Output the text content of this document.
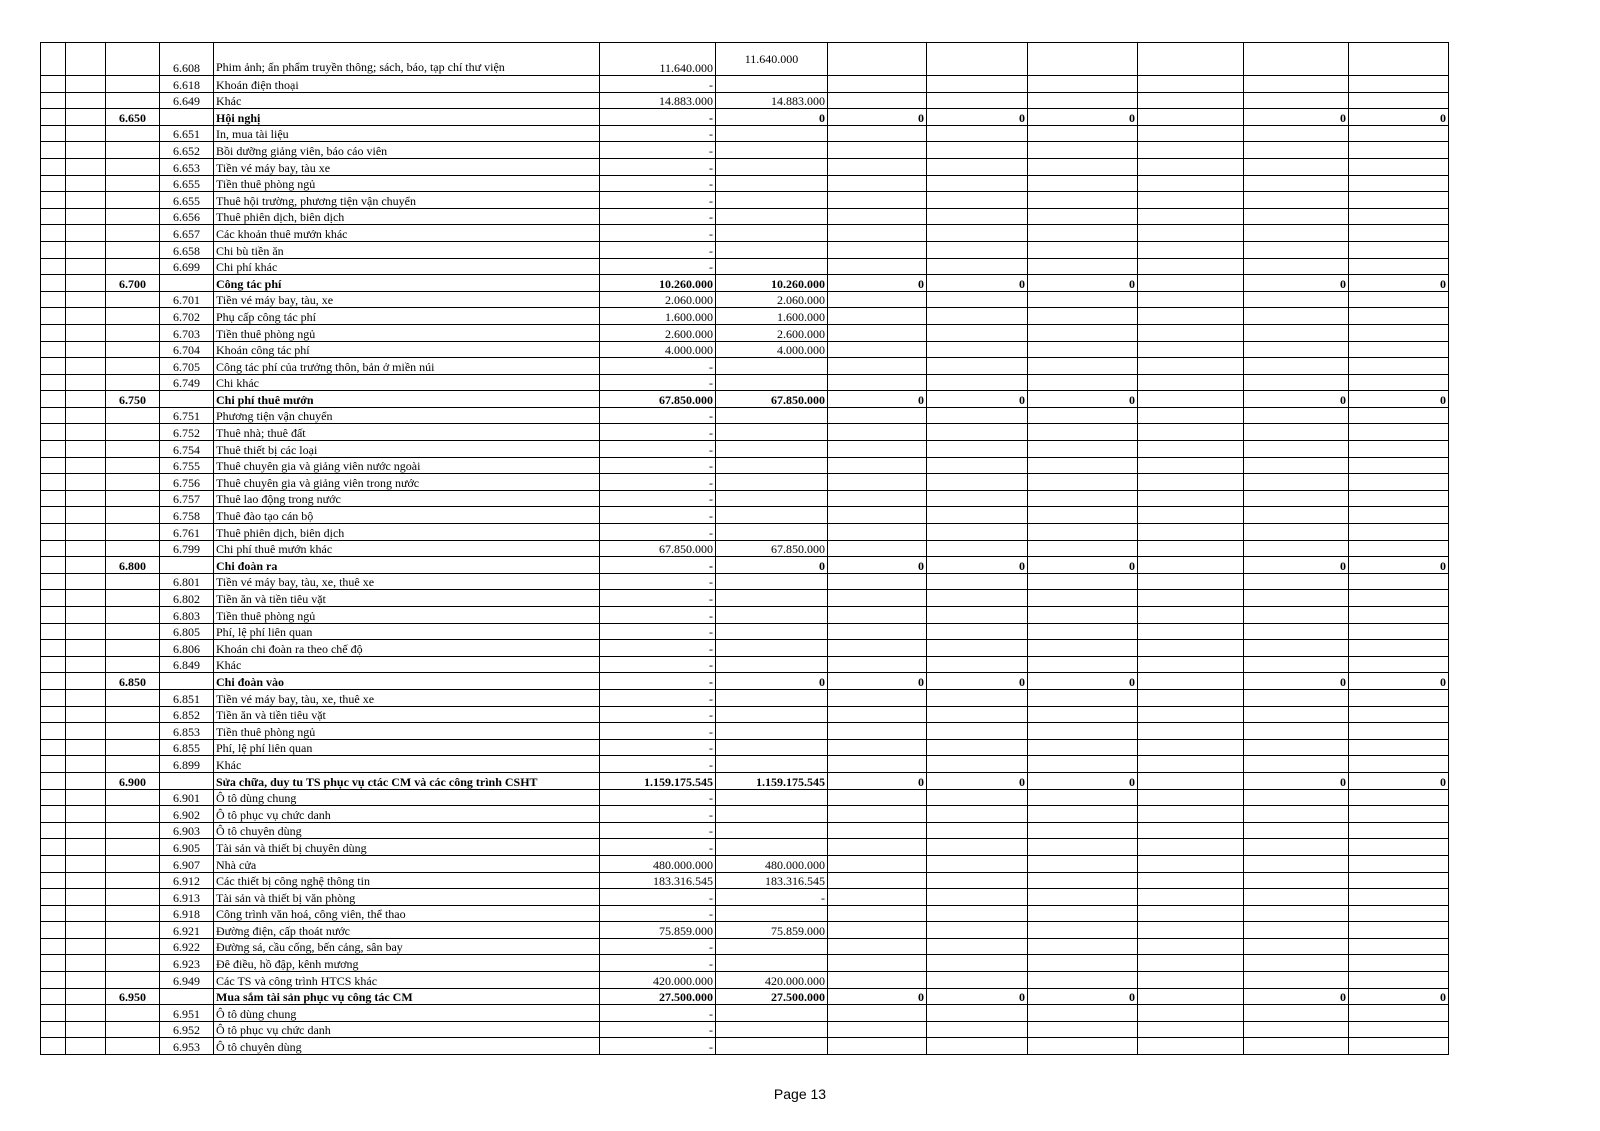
			6.608	Phim ảnh; ấn phẩm truyền thông; sách, báo, tạp chí thư viện	11.640.000	11.640.000						
			6.618	Khoán điện thoại	-							
			6.649	Khác	14.883.000	14.883.000						
		6.650		Hội nghị	-	0	0	0	0		0	0
			6.651	In, mua tài liệu	-							
			6.652	Bồi dưỡng giảng viên, báo cáo viên	-							
			6.653	Tiền vé máy bay, tàu xe	-							
			6.655	Tiền thuê phòng ngủ	-							
			6.655	Thuê hội trường, phương tiện vận chuyển	-							
			6.656	Thuê phiên dịch, biên dịch	-							
			6.657	Các khoản thuê mướn khác	-							
			6.658	Chi bù tiền ăn	-							
			6.699	Chi phí khác	-							
		6.700		Công tác phí	10.260.000	10.260.000	0	0	0		0	0
			6.701	Tiền vé máy bay, tàu, xe	2.060.000	2.060.000						
			6.702	Phụ cấp công tác phí	1.600.000	1.600.000						
			6.703	Tiền thuê phòng ngủ	2.600.000	2.600.000						
			6.704	Khoán công tác phí	4.000.000	4.000.000						
			6.705	Công tác phí của trưởng thôn, bản ở miền núi	-							
			6.749	Chi khác	-							
		6.750		Chi phí thuê mướn	67.850.000	67.850.000	0	0	0		0	0
			6.751	Phương tiện vận chuyển	-							
			6.752	Thuê nhà; thuê đất	-							
			6.754	Thuê thiết bị các loại	-							
			6.755	Thuê chuyên gia và giảng viên nước ngoài	-							
			6.756	Thuê chuyên gia và giảng viên trong nước	-							
			6.757	Thuê lao động trong nước	-							
			6.758	Thuê đào tạo cán bộ	-							
			6.761	Thuê phiên dịch, biên dịch	-							
			6.799	Chi phí thuê mướn khác	67.850.000	67.850.000						
		6.800		Chi đoàn ra	-	0	0	0	0		0	0
			6.801	Tiền vé máy bay, tàu, xe, thuê xe	-							
			6.802	Tiền ăn và tiền tiêu vặt	-							
			6.803	Tiền thuê phòng ngủ	-							
			6.805	Phí, lệ phí liên quan	-							
			6.806	Khoán chi đoàn ra theo chế độ	-							
			6.849	Khác	-							
		6.850		Chi đoàn vào	-	0	0	0	0		0	0
			6.851	Tiền vé máy bay, tàu, xe, thuê xe	-							
			6.852	Tiền ăn và tiền tiêu vặt	-							
			6.853	Tiền thuê phòng ngủ	-							
			6.855	Phí, lệ phí liên quan	-							
			6.899	Khác	-							
		6.900		Sửa chữa, duy tu TS phục vụ ctác CM và các công trình CSHT	1.159.175.545	1.159.175.545	0	0	0		0	0
			6.901	Ô tô dùng chung	-							
			6.902	Ô tô phục vụ chức danh	-							
			6.903	Ô tô chuyên dùng	-							
			6.905	Tài sản và thiết bị chuyên dùng	-							
			6.907	Nhà cửa	480.000.000	480.000.000						
			6.912	Các thiết bị công nghệ thông tin	183.316.545	183.316.545						
			6.913	Tài sản và thiết bị văn phòng	-	-						
			6.918	Công trình văn hoá, công viên, thể thao	-							
			6.921	Đường điện, cấp thoát nước	75.859.000	75.859.000						
			6.922	Đường sá, cầu cống, bến cảng, sân bay	-							
			6.923	Đê điều, hồ đập, kênh mương	-							
			6.949	Các TS và công trình HTCS khác	420.000.000	420.000.000						
		6.950		Mua sắm tài sản phục vụ công tác CM	27.500.000	27.500.000	0	0	0		0	0
			6.951	Ô tô dùng chung	-							
			6.952	Ô tô phục vụ chức danh	-							
			6.953	Ô tô chuyên dùng	-							
Page 13
